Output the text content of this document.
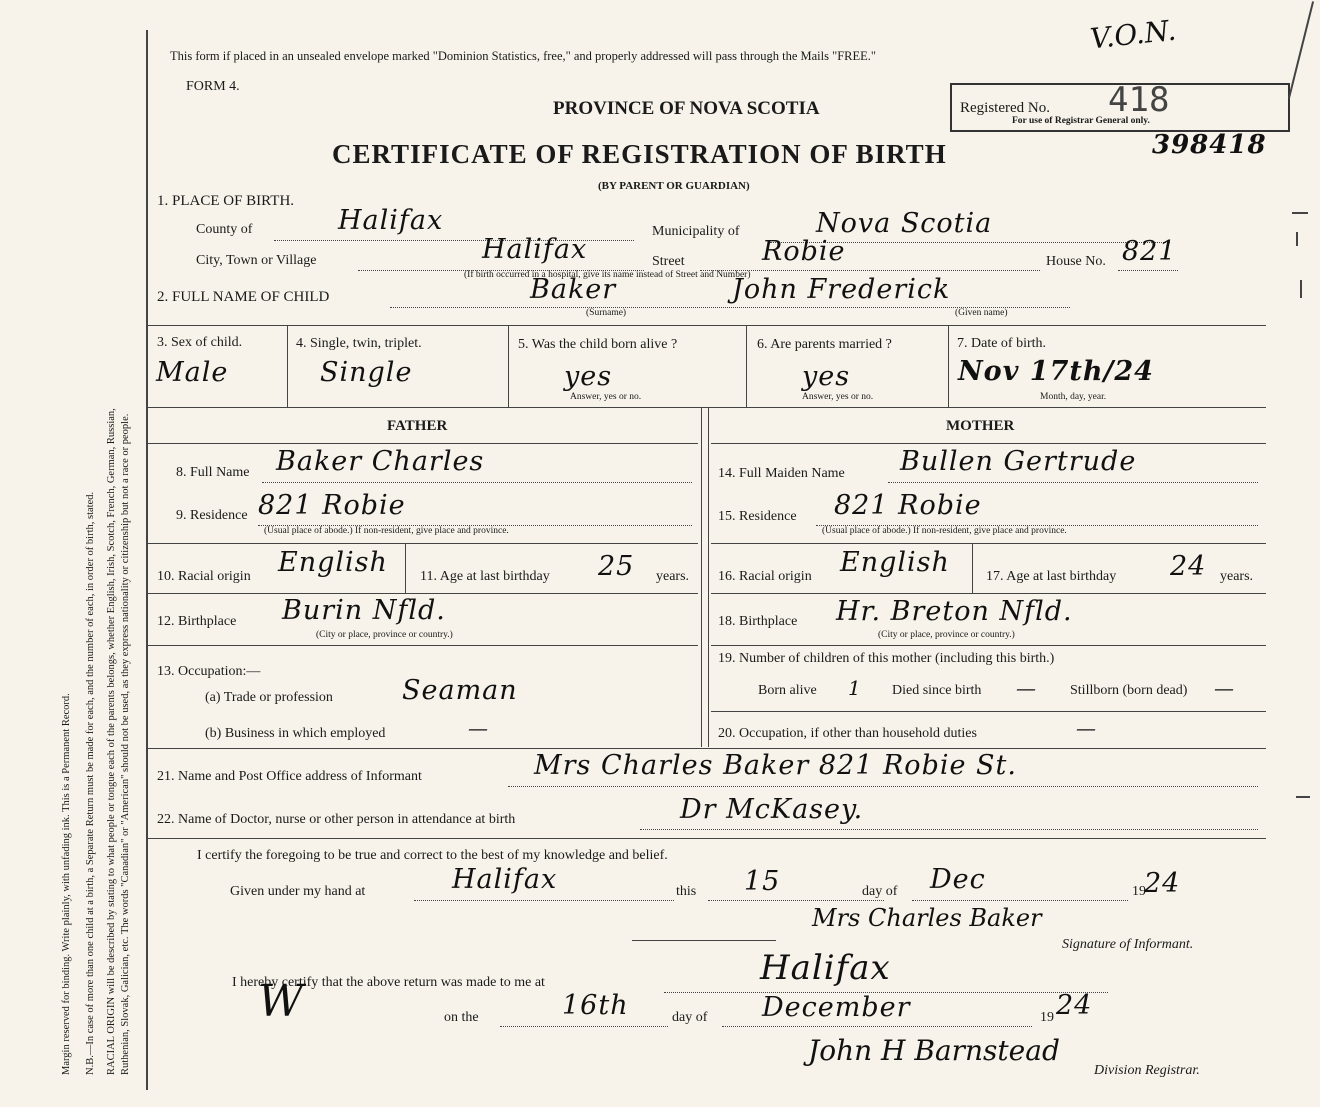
Margin reserved for binding. Write plainly, with unfading ink. This is a Permanent Record. N.B.—In case of more than one child at a birth, a Separate Return must be made for each, and the number of each, in order of birth, stated. RACIAL ORIGIN will be described by stating to what people or tongue each of the parents belongs, whether English, Irish, Scotch, French, German, Russian, Ruthenian, Slovak, Galician, etc. The words "Canadian" or "American" should not be used, as they express nationality or citizenship but not a race or people.
This form if placed in an unsealed envelope marked "Dominion Statistics, free," and properly addressed will pass through the Mails "FREE."
FORM 4.
PROVINCE OF NOVA SCOTIA
CERTIFICATE OF REGISTRATION OF BIRTH
(BY PARENT OR GUARDIAN)
Registered No. 418
For use of Registrar General only.
398418
V.O.N.
1. PLACE OF BIRTH.
County of	Halifax	Municipality of	Nova Scotia
City, Town or Village	Halifax	Street	Robie	House No. 821
(If birth occurred in a hospital, give its name instead of Street and Number)
2. FULL NAME OF CHILD	Baker	John Frederick
(Surname)	(Given name)
3. Sex of child.
Male
4. Single, twin, triplet.
Single
5. Was the child born alive ?
yes
Answer, yes or no.
6. Are parents married ?
yes
Answer, yes or no.
7. Date of birth.
Nov 17th/24
Month, day, year.
FATHER	MOTHER
8. Full Name Baker Charles
9. Residence 821 Robie
(Usual place of abode.) If non-resident, give place and province.
10. Racial origin English 11. Age at last birthday 25 years.
12. Birthplace Burin Nfld.
(City or place, province or country.)
13. Occupation:—
(a) Trade or profession	Seaman
(b) Business in which employed	—
14. Full Maiden Name Bullen Gertrude
15. Residence 821 Robie
(Usual place of abode.) If non-resident, give place and province.
16. Racial origin English	17. Age at last birthday 24 years.
18. Birthplace Hr. Breton Nfld.
(City or place, province or country.)
19. Number of children of this mother (including this birth.)
Born alive 1 Died since birth — Stillborn (born dead) —
20. Occupation, if other than household duties	—
21. Name and Post Office address of Informant	Mrs Charles Baker 821 Robie St.
22. Name of Doctor, nurse or other person in attendance at birth	Dr McKasey.
I certify the foregoing to be true and correct to the best of my knowledge and belief.
Given under my hand at	Halifax	this 15	day of Dec	19
24
Mrs Charles Baker
Signature of Informant.
I hereby certify that the above return was made to me at	Halifax
W	on the	16th	day of December	19 24
John H Barnstead
Division Registrar.
